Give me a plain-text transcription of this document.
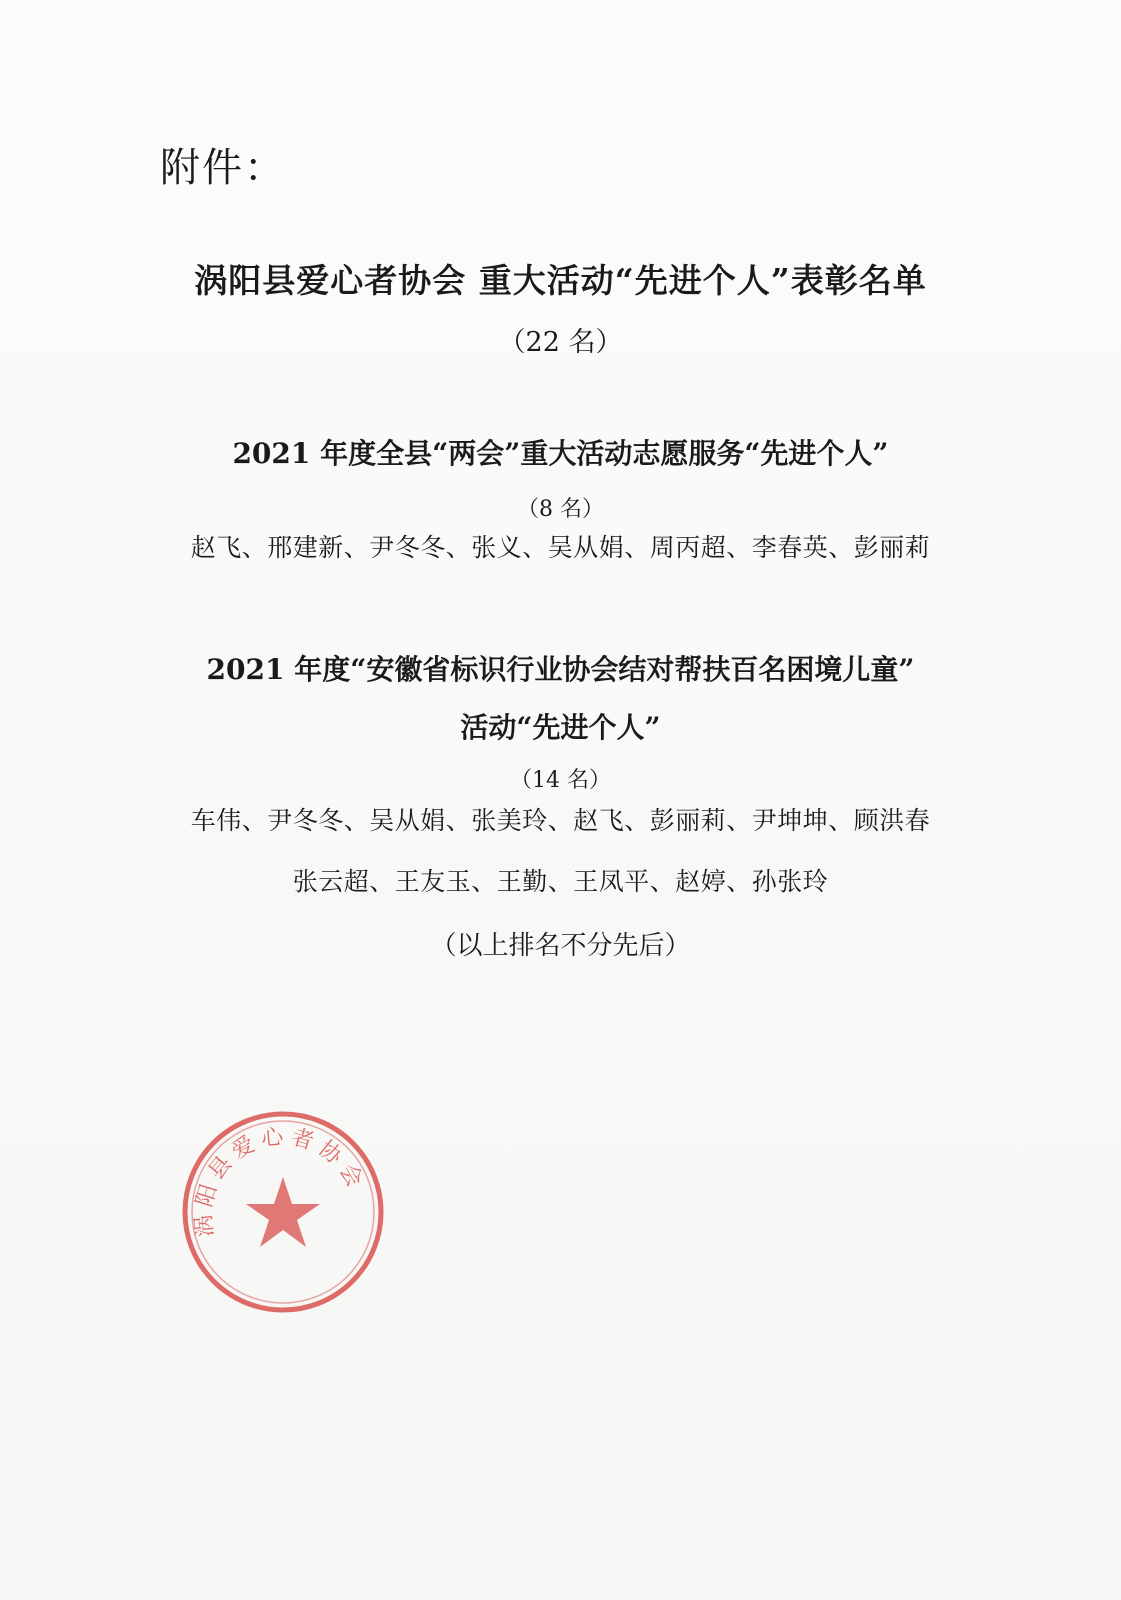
附件：
涡阳县爱心者协会 重大活动“先进个人”表彰名单
（22 名）
2021 年度全县“两会”重大活动志愿服务“先进个人”
（8 名）
赵飞、邢建新、尹冬冬、张义、吴从娟、周丙超、李春英、彭丽莉
2021 年度“安徽省标识行业协会结对帮扶百名困境儿童”
活动“先进个人”
（14 名）
车伟、尹冬冬、吴从娟、张美玲、赵飞、彭丽莉、尹坤坤、顾洪春
张云超、王友玉、王勤、王凤平、赵婷、孙张玲
（以上排名不分先后）
涡阳县爱心者协会
